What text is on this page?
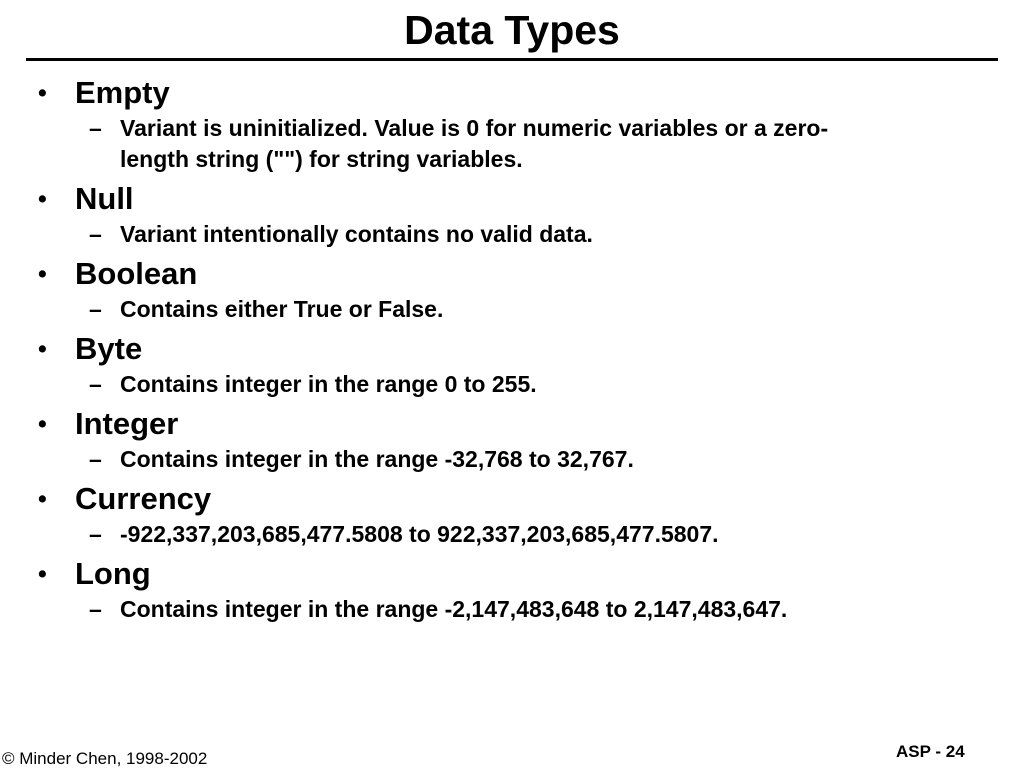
Data Types
• Empty
– Variant is uninitialized. Value is 0 for numeric variables or a zero-
length string ("") for string variables.
• Null
– Variant intentionally contains no valid data.
• Boolean
– Contains either True or False.
• Byte
– Contains integer in the range 0 to 255.
• Integer
– Contains integer in the range -32,768 to 32,767.
• Currency
– -922,337,203,685,477.5808 to 922,337,203,685,477.5807.
• Long
– Contains integer in the range -2,147,483,648 to 2,147,483,647.
© Minder Chen, 1998-2002	ASP - 24
